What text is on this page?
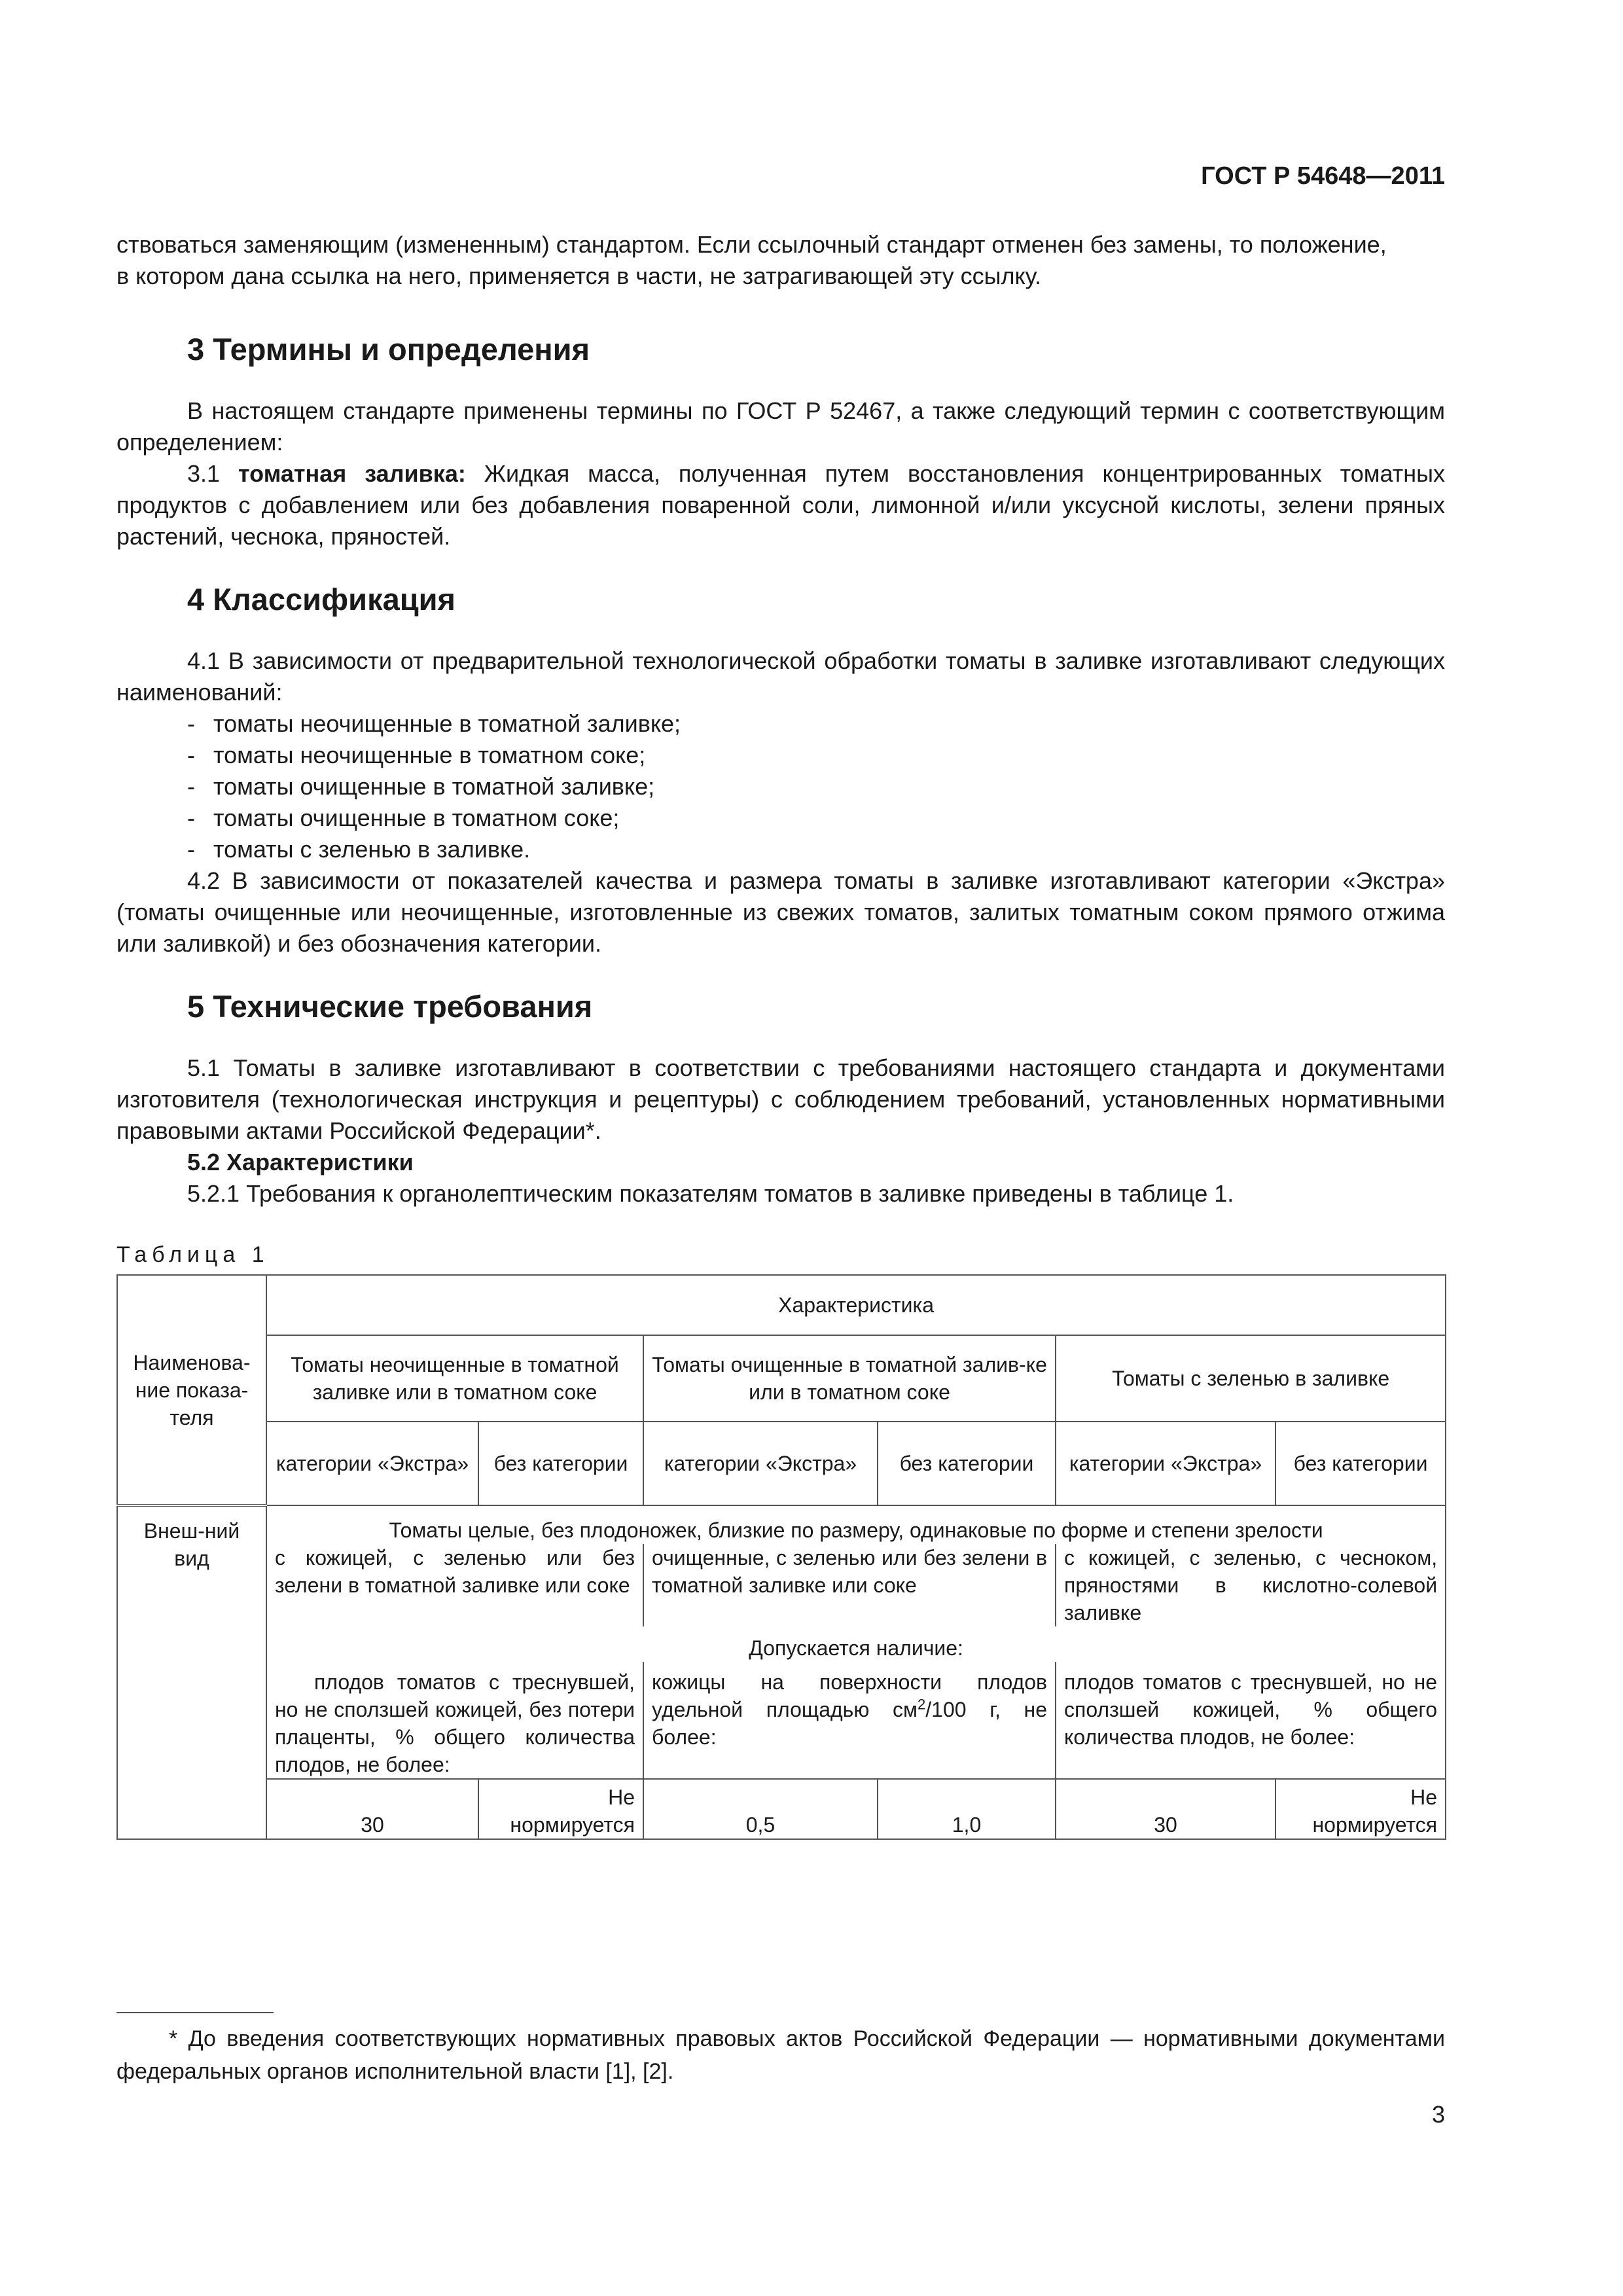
ГОСТ Р 54648—2011

ствоваться заменяющим (измененным) стандартом. Если ссылочный стандарт отменен без замены, то положение,

в котором дана ссылка на него, применяется в части, не затрагивающей эту ссылку.

3 Термины и определения

В настоящем стандарте применены термины по ГОСТ Р 52467, а также следующий термин с соответствующим определением:

3.1 томатная заливка: Жидкая масса, полученная путем восстановления концентрированных томатных продуктов с добавлением или без добавления поваренной соли, лимонной и/или уксусной кислоты, зелени пряных растений, чеснока, пряностей.

4 Классификация

4.1 В зависимости от предварительной технологической обработки томаты в заливке изготавливают следующих наименований:

- томаты неочищенные в томатной заливке;

- томаты неочищенные в томатном соке;

- томаты очищенные в томатной заливке;

- томаты очищенные в томатном соке;

- томаты с зеленью в заливке.

4.2 В зависимости от показателей качества и размера томаты в заливке изготавливают категории «Экстра» (томаты очищенные или неочищенные, изготовленные из свежих томатов, залитых томатным соком прямого отжима или заливкой) и без обозначения категории.

5 Технические требования

5.1 Томаты в заливке изготавливают в соответствии с требованиями настоящего стандарта и документами изготовителя (технологическая инструкция и рецептуры) с соблюдением требований, установленных нормативными правовыми актами Российской Федерации*.

5.2 Характеристики

5.2.1 Требования к органолептическим показателям томатов в заливке приведены в таблице 1.

Таблица 1
Наименова-ние показа-теля	Характеристика					
	Томаты неочищенные в томатной заливке или в томатном соке		Томаты очищенные в томатной залив-ке или в томатном соке		Томаты с зеленью в заливке	
	категории «Экстра»	без категории	категории «Экстра»	без категории	категории «Экстра»	без категории
Внеш-ний вид	Томаты целые, без плодоножек, близкие по размеру, одинаковые по форме и степени зрелости					
	с кожицей, с зеленью или без зелени в томатной заливке или соке		очищенные, с зеленью или без зелени в томатной заливке или соке		с кожицей, с зеленью, с чесноком, пряностями в кислотно-солевой заливке	
	Допускается наличие:					
	плодов томатов с треснувшей, но не сползшей кожицей, без потери плаценты, % общего количества плодов, не более:		кожицы на поверхности плодов удельной площадью $см^2/100$ г, не более:		плодов томатов с треснувшей, но не сползшей кожицей, % общего количества плодов, не более:	
	30	Не нормируется	0,5	1,0	30	Не нормируется
* До введения соответствующих нормативных правовых актов Российской Федерации — нормативными документами федеральных органов исполнительной власти [1], [2].
3
